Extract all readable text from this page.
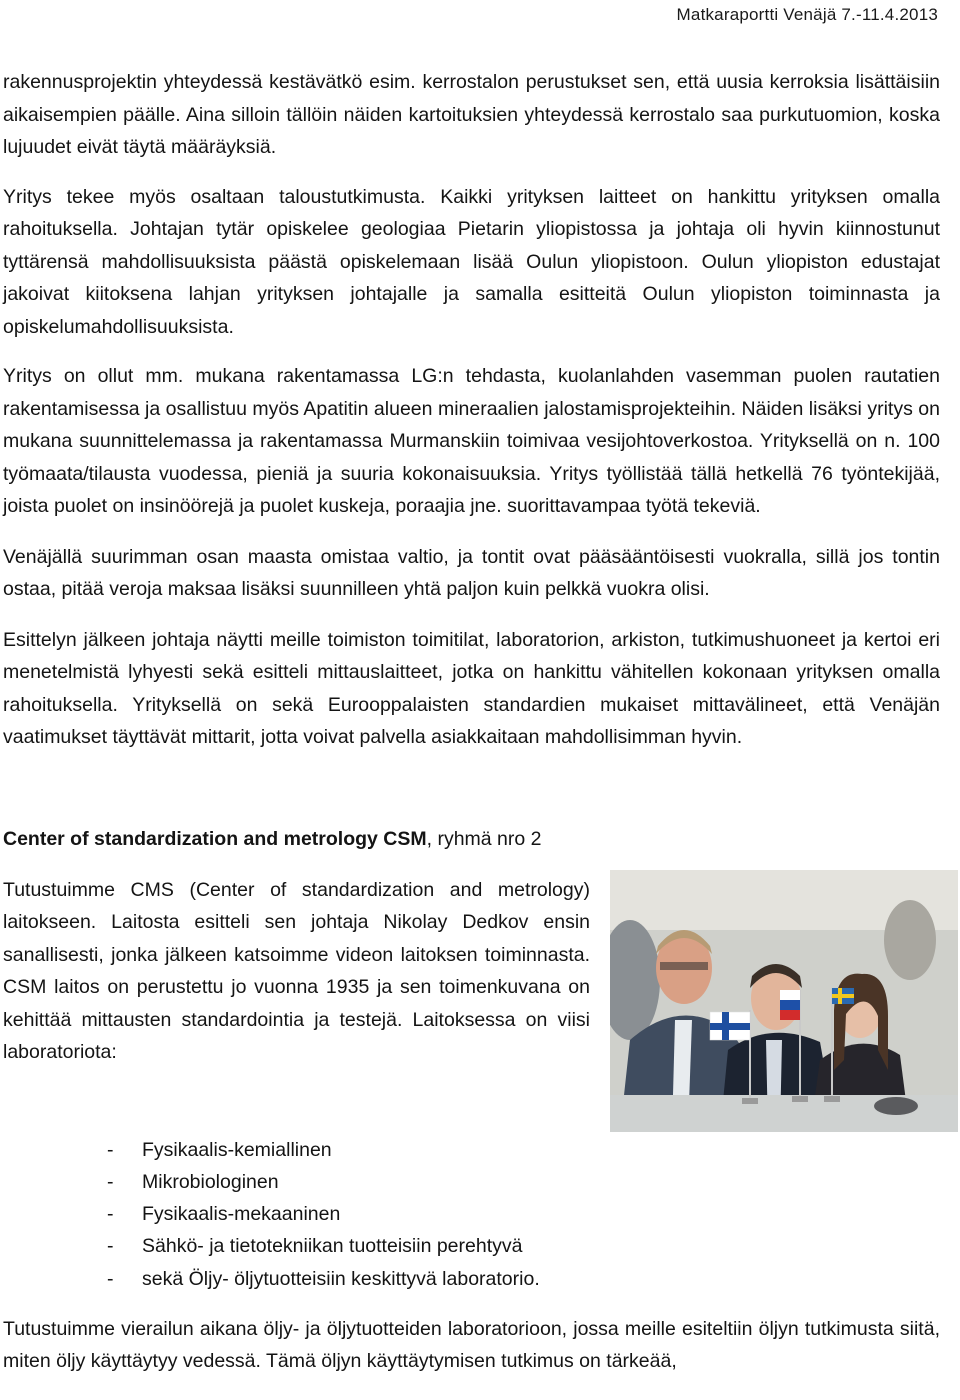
Matkaraportti Venäjä 7.-11.4.2013

rakennusprojektin yhteydessä kestävätkö esim. kerrostalon perustukset sen, että uusia kerroksia lisättäisiin aikaisempien päälle. Aina silloin tällöin näiden kartoituksien yhteydessä kerrostalo saa purkutuomion, koska lujuudet eivät täytä määräyksiä.

Yritys tekee myös osaltaan taloustutkimusta. Kaikki yrityksen laitteet on hankittu yrityksen omalla rahoituksella. Johtajan tytär opiskelee geologiaa Pietarin yliopistossa ja johtaja oli hyvin kiinnostunut tyttärensä mahdollisuuksista päästä opiskelemaan lisää Oulun yliopistoon. Oulun yliopiston edustajat jakoivat kiitoksena lahjan yrityksen johtajalle ja samalla esitteitä Oulun yliopiston toiminnasta ja opiskelumahdollisuuksista.

Yritys on ollut mm. mukana rakentamassa LG:n tehdasta, kuolanlahden vasemman puolen rautatien rakentamisessa ja osallistuu myös Apatitin alueen mineraalien jalostamisprojekteihin. Näiden lisäksi yritys on mukana suunnittelemassa ja rakentamassa Murmanskiin toimivaa vesijohtoverkostoa. Yrityksellä on n. 100 työmaata/tilausta vuodessa, pieniä ja suuria kokonaisuuksia. Yritys työllistää tällä hetkellä 76 työntekijää, joista puolet on insinöörejä ja puolet kuskeja, poraajia jne. suorittavampaa työtä tekeviä.

Venäjällä suurimman osan maasta omistaa valtio, ja tontit ovat pääsääntöisesti vuokralla, sillä jos tontin ostaa, pitää veroja maksaa lisäksi suunnilleen yhtä paljon kuin pelkkä vuokra olisi.

Esittelyn jälkeen johtaja näytti meille toimiston toimitilat, laboratorion, arkiston, tutkimushuoneet ja kertoi eri menetelmistä lyhyesti sekä esitteli mittauslaitteet, jotka on hankittu vähitellen kokonaan yrityksen omalla rahoituksella. Yrityksellä on sekä Eurooppalaisten standardien mukaiset mittavälineet, että Venäjän vaatimukset täyttävät mittarit, jotta voivat palvella asiakkaitaan mahdollisimman hyvin.

Center of standardization and metrology CSM, ryhmä nro 2

Tutustuimme CMS (Center of standardization and metrology) laitokseen. Laitosta esitteli sen johtaja Nikolay Dedkov ensin sanallisesti, jonka jälkeen katsoimme videon laitoksen toiminnasta. CSM laitos on perustettu jo vuonna 1935 ja sen toimenkuvana on kehittää mittausten standardointia ja testejä. Laitoksessa on viisi laboratoriota:

- Fysikaalis-kemiallinen
- Mikrobiologinen
- Fysikaalis-mekaaninen
- Sähkö- ja tietotekniikan tuotteisiin perehtyvä
- sekä Öljy- öljytuotteisiin keskittyvä laboratorio.

Tutustuimme vierailun aikana öljy- ja öljytuotteiden laboratorioon, jossa meille esiteltiin öljyn tutkimusta siitä, miten öljy käyttäytyy vedessä. Tämä öljyn käyttäytymisen tutkimus on tärkeää,
